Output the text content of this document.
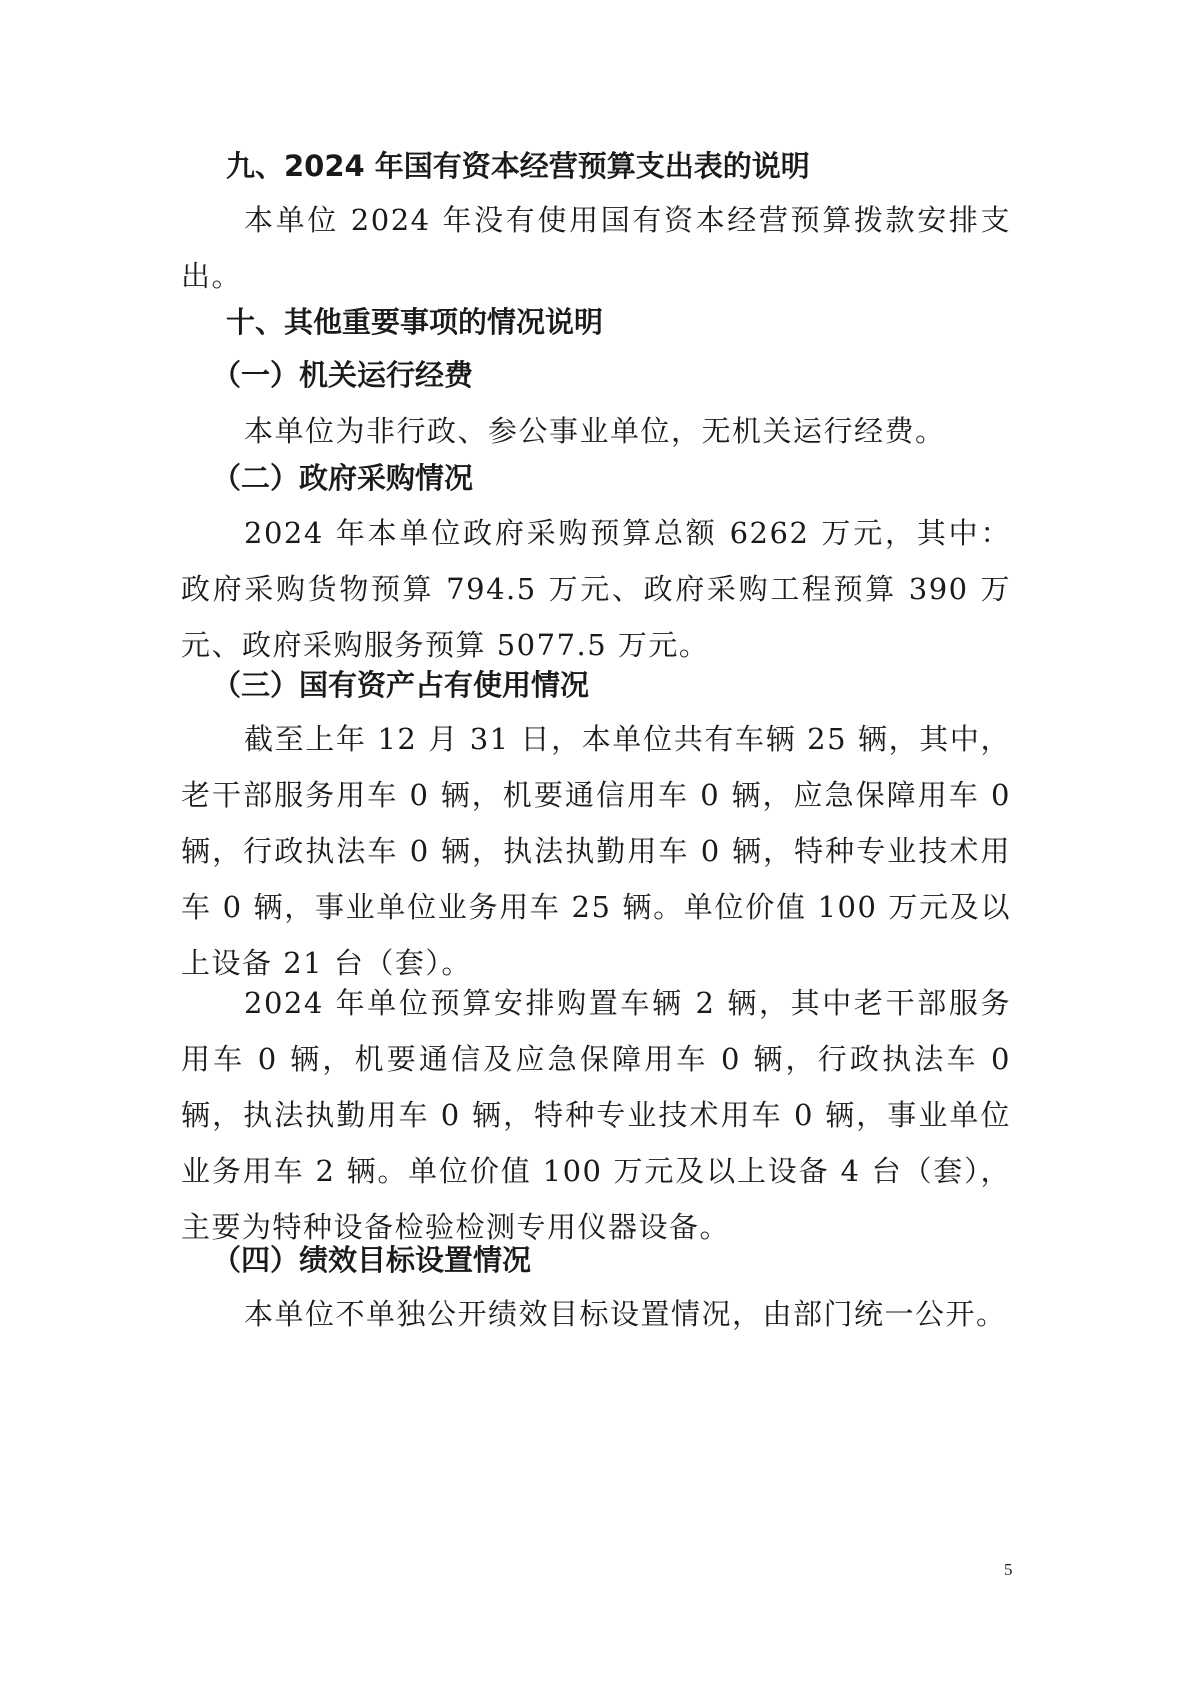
九、2024 年国有资本经营预算支出表的说明
本单位 2024 年没有使用国有资本经营预算拨款安排支出。
十、其他重要事项的情况说明
（一）机关运行经费
本单位为非行政、参公事业单位，无机关运行经费。
（二）政府采购情况
2024 年本单位政府采购预算总额 6262 万元，其中：政府采购货物预算 794.5 万元、政府采购工程预算 390 万元、政府采购服务预算 5077.5 万元。
（三）国有资产占有使用情况
截至上年 12 月 31 日，本单位共有车辆 25 辆，其中，老干部服务用车 0 辆，机要通信用车 0 辆，应急保障用车 0 辆，行政执法车 0 辆，执法执勤用车 0 辆，特种专业技术用车 0 辆，事业单位业务用车 25 辆。单位价值 100 万元及以上设备 21 台（套）。
2024 年单位预算安排购置车辆 2 辆，其中老干部服务用车 0 辆，机要通信及应急保障用车 0 辆，行政执法车 0 辆，执法执勤用车 0 辆，特种专业技术用车 0 辆，事业单位业务用车 2 辆。单位价值 100 万元及以上设备 4 台（套），主要为特种设备检验检测专用仪器设备。
（四）绩效目标设置情况
本单位不单独公开绩效目标设置情况，由部门统一公开。
5
